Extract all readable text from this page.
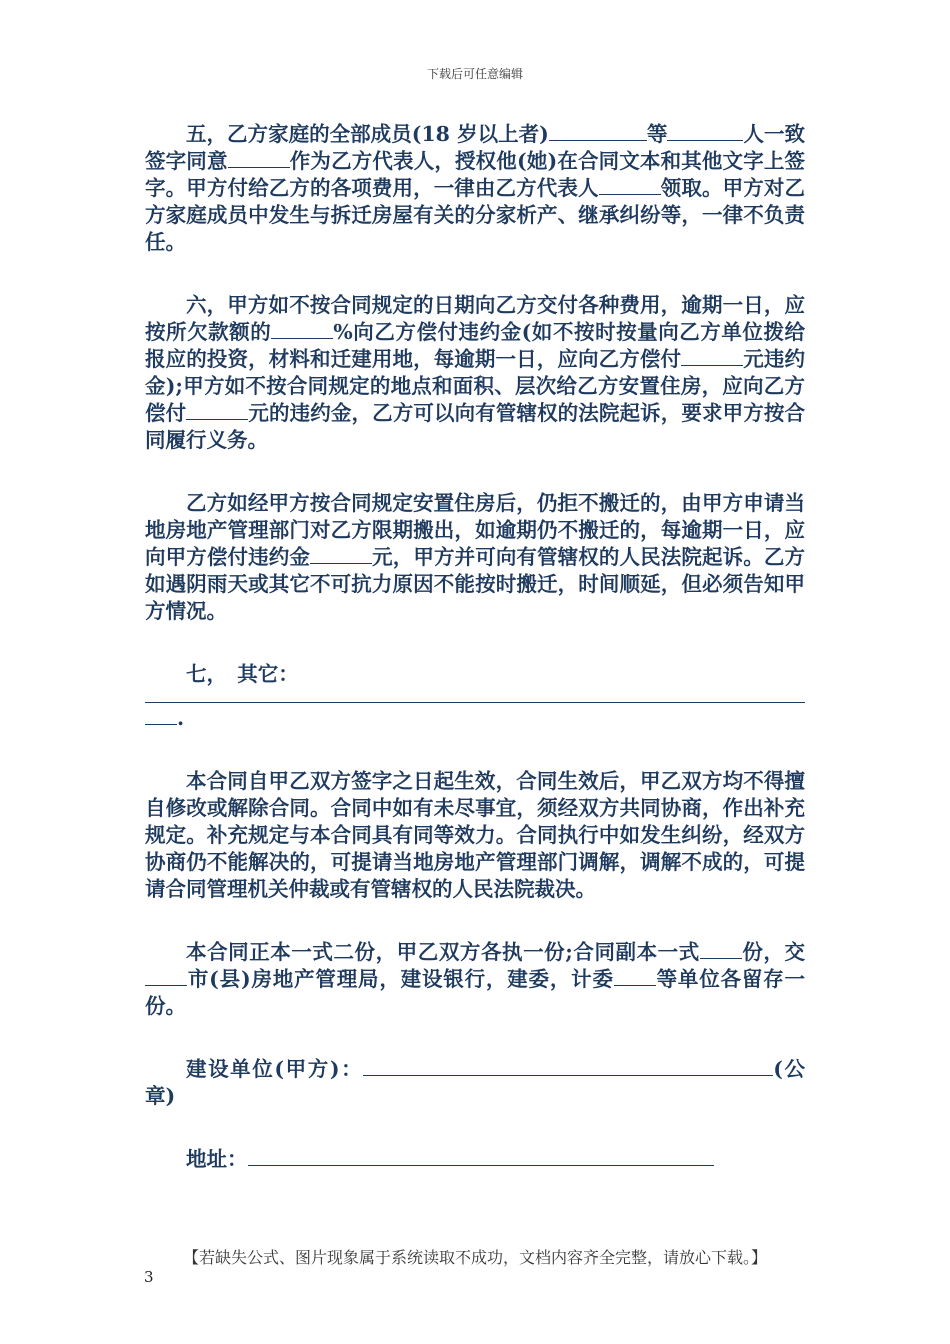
下载后可任意编辑

五，乙方家庭的全部成员(18 岁以上者)	等	人一致签字同意	作为乙方代表人，授权他(她)在合同文本和其他文字上签字。甲方付给乙方的各项费用，一律由乙方代表人	领取。甲方对乙方家庭成员中发生与拆迁房屋有关的分家析产、继承纠纷等，一律不负责任。

六，甲方如不按合同规定的日期向乙方交付各种费用，逾期一日，应按所欠款额的	%向乙方偿付违约金(如不按时按量向乙方单位拨给报应的投资，材料和迁建用地，每逾期一日，应向乙方偿付	元违约金);甲方如不按合同规定的地点和面积、层次给乙方安置住房，应向乙方偿付	元的违约金，乙方可以向有管辖权的法院起诉，要求甲方按合同履行义务。

乙方如经甲方按合同规定安置住房后，仍拒不搬迁的，由甲方申请当地房地产管理部门对乙方限期搬出，如逾期仍不搬迁的，每逾期一日，应向甲方偿付违约金	元，甲方并可向有管辖权的人民法院起诉。乙方如遇阴雨天或其它不可抗力原因不能按时搬迁，时间顺延，但必须告知甲方情况。

七，　其它：

.

本合同自甲乙双方签字之日起生效，合同生效后，甲乙双方均不得擅自修改或解除合同。合同中如有未尽事宜，须经双方共同协商，作出补充规定。补充规定与本合同具有同等效力。合同执行中如发生纠纷，经双方协商仍不能解决的，可提请当地房地产管理部门调解，调解不成的，可提请合同管理机关仲裁或有管辖权的人民法院裁决。

本合同正本一式二份，甲乙双方各执一份;合同副本一式 份，交市(县)房地产管理局，建设银行，建委，计委 等单位各留存一份。

建设单位(甲方)：	(公章)

地址：

【若缺失公式、图片现象属于系统读取不成功，文档内容齐全完整，请放心下载。】
3
